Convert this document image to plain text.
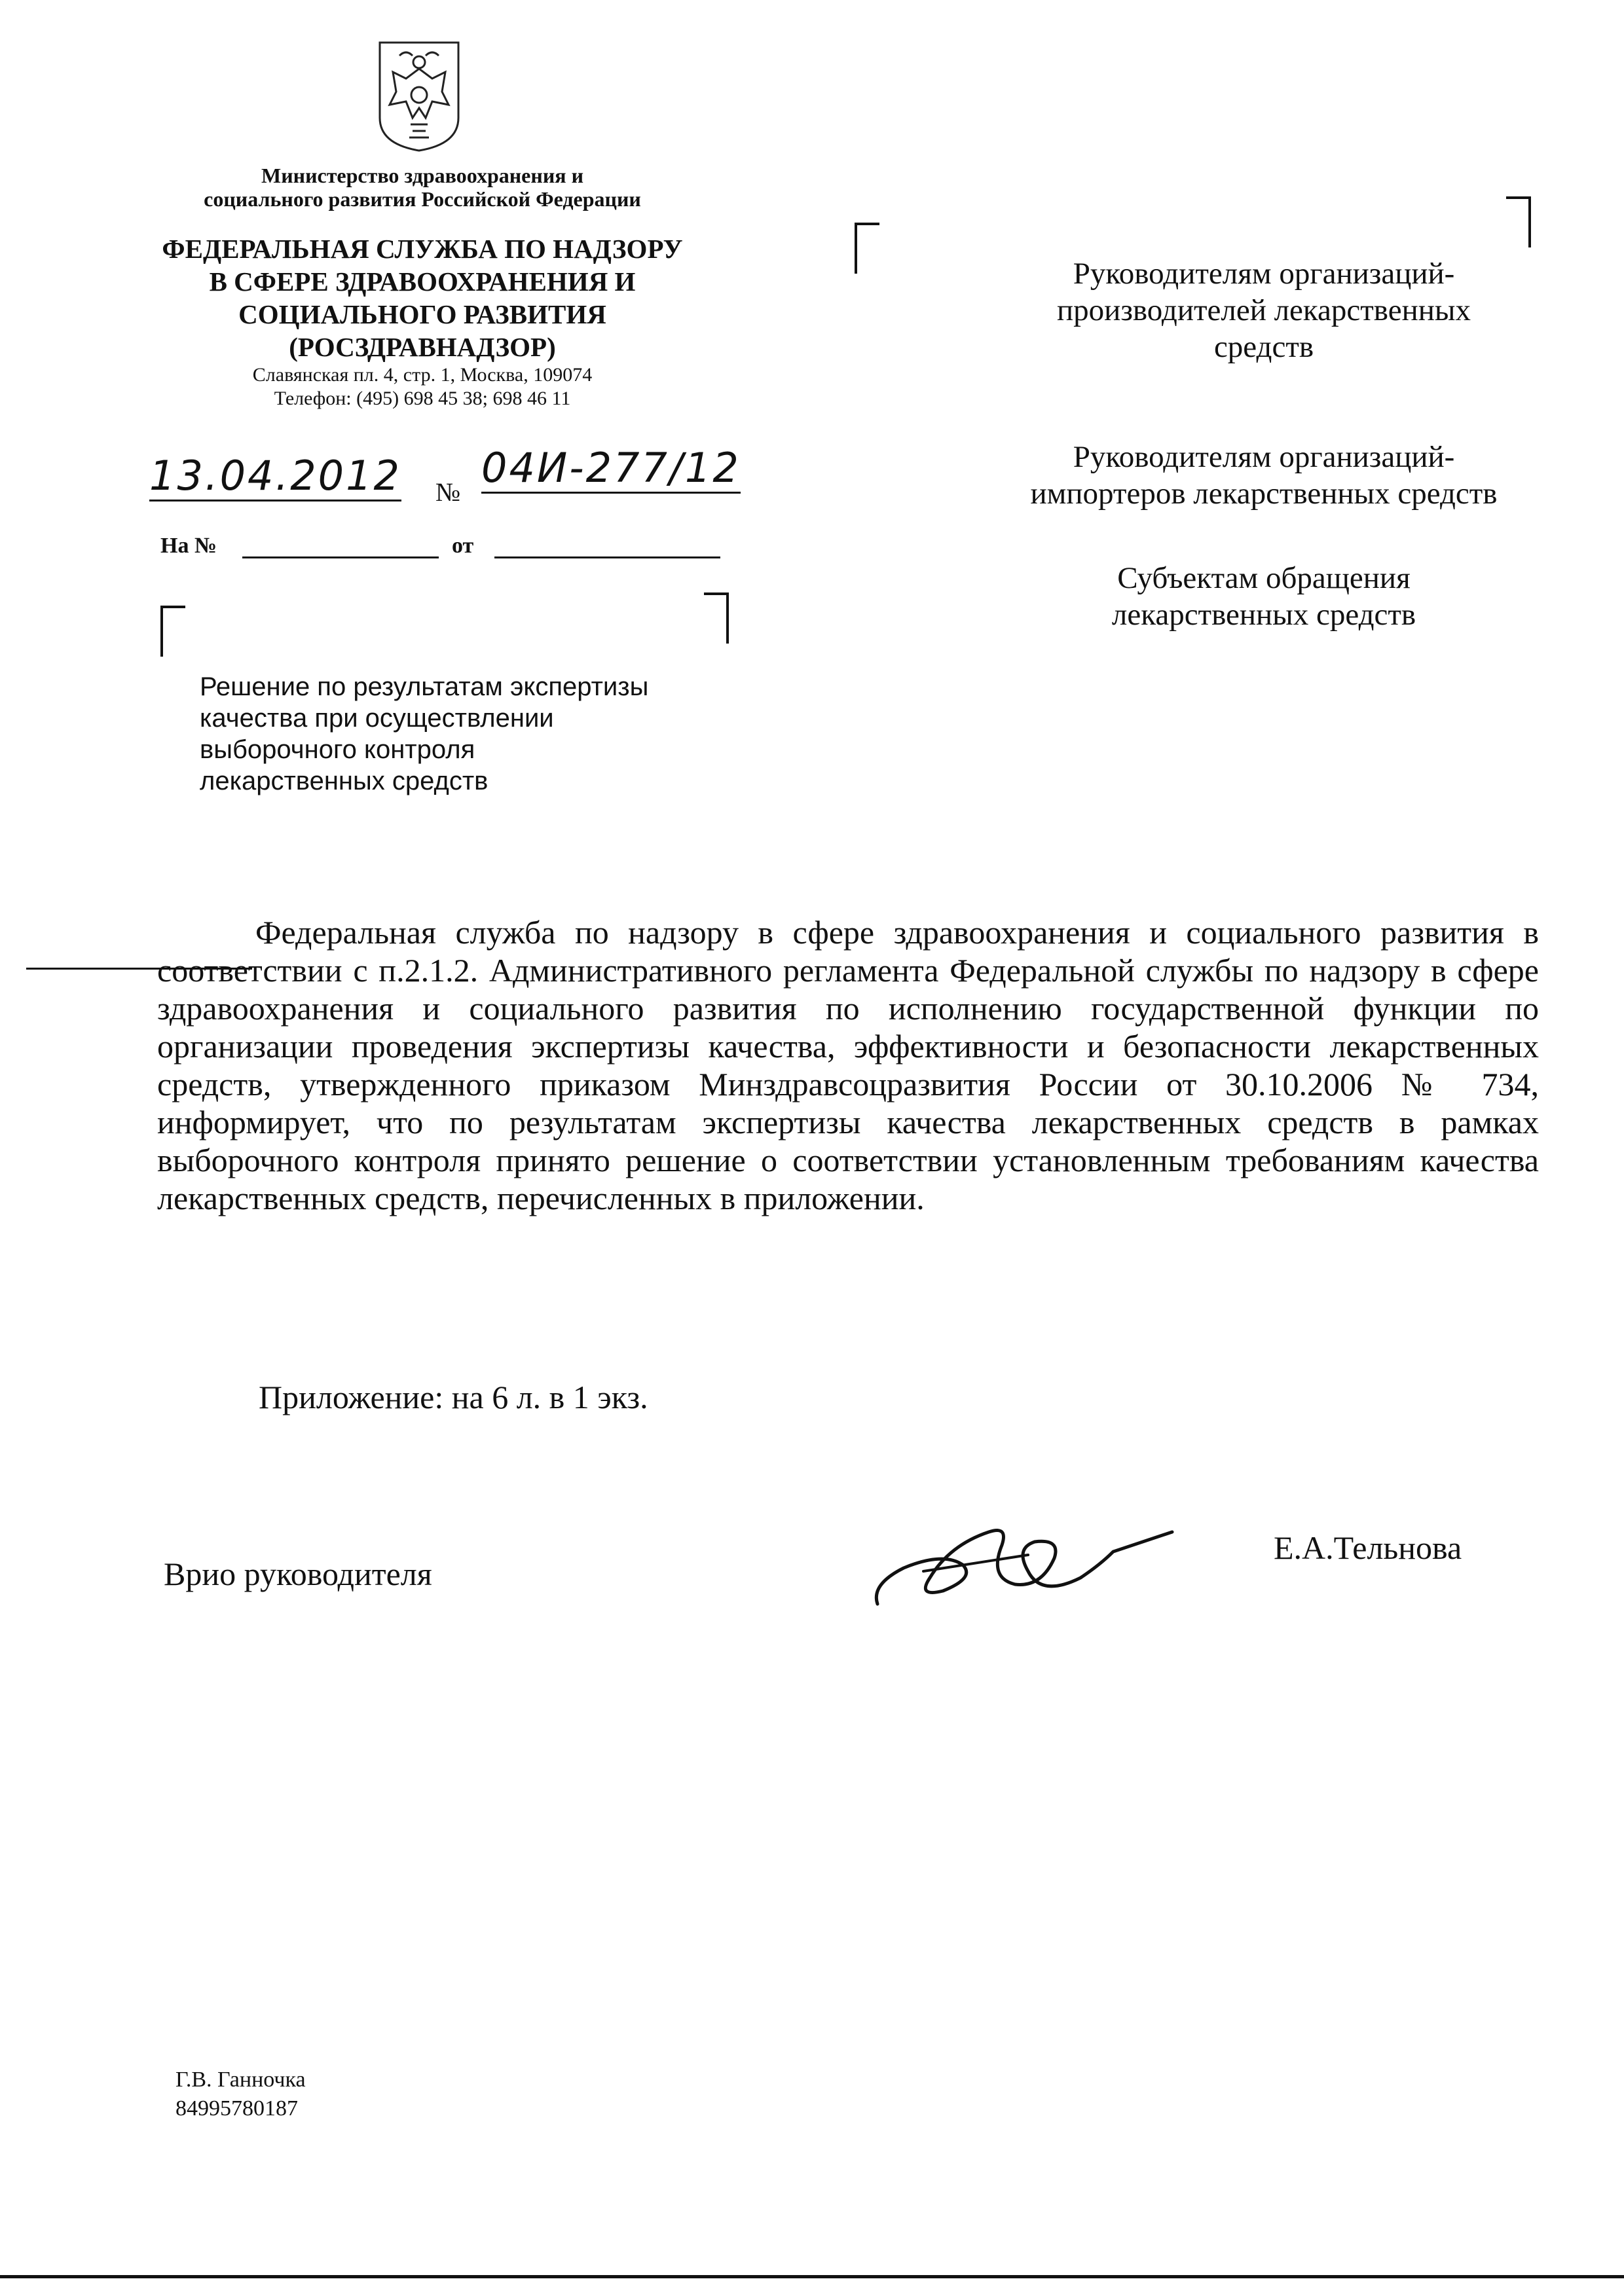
Министерство здравоохранения и
социального развития Российской Федерации
ФЕДЕРАЛЬНАЯ СЛУЖБА ПО НАДЗОРУ
В СФЕРЕ ЗДРАВООХРАНЕНИЯ И
СОЦИАЛЬНОГО РАЗВИТИЯ
(РОСЗДРАВНАДЗОР)
Славянская пл. 4, стр. 1, Москва, 109074
Телефон: (495) 698 45 38; 698 46 11
13.04.2012 №
04И-277/12
На №	от
Решение по результатам экспертизы
качества при осуществлении
выборочного контроля
лекарственных средств
Руководителям организаций-
производителей лекарственных
средств
Руководителям организаций-
импортеров лекарственных средств
Субъектам обращения
лекарственных средств
Федеральная служба по надзору в сфере здравоохранения и социального развития в соответствии с п.2.1.2. Административного регламента Федеральной службы по надзору в сфере здравоохранения и социального развития по исполнению государственной функции по организации проведения экспертизы качества, эффективности и безопасности лекарственных средств, утвержденного приказом Минздравсоцразвития России от 30.10.2006 № 734, информирует, что по результатам экспертизы качества лекарственных средств в рамках выборочного контроля принято решение о соответствии установленным требованиям качества лекарственных средств, перечисленных в приложении.
Приложение: на 6 л. в 1 экз.
Врио руководителя
Е.А.Тельнова
Г.В. Ганночка
84995780187
